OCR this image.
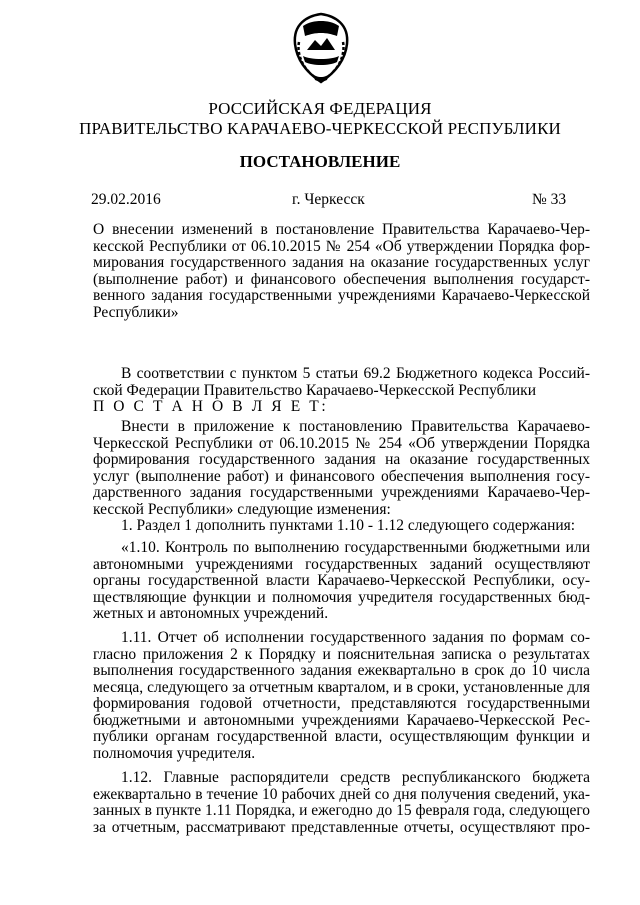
РОССИЙСКАЯ ФЕДЕРАЦИЯ
ПРАВИТЕЛЬСТВО КАРАЧАЕВО-ЧЕРКЕССКОЙ РЕСПУБЛИКИ
ПОСТАНОВЛЕНИЕ
29.02.2016	г. Черкесск	№ 33
О внесении изменений в постановление Правительства Карачаево-Чер-
кесской Республики от 06.10.2015 № 254 «Об утверждении Порядка фор-
мирования государственного задания на оказание государственных услуг
(выполнение работ) и финансового обеспечения выполнения государст-
венного задания государственными учреждениями Карачаево-Черкесской
Республики»
В соответствии с пунктом 5 статьи 69.2 Бюджетного кодекса Россий-
ской Федерации Правительство Карачаево-Черкесской Республики
П О С Т А Н О В Л Я Е Т:
Внести в приложение к постановлению Правительства Карачаево-
Черкесской Республики от 06.10.2015 № 254 «Об утверждении Порядка
формирования государственного задания на оказание государственных
услуг (выполнение работ) и финансового обеспечения выполнения госу-
дарственного задания государственными учреждениями Карачаево-Чер-
кесской Республики» следующие изменения:
1. Раздел 1 дополнить пунктами 1.10 - 1.12 следующего содержания:
«1.10. Контроль по выполнению государственными бюджетными или
автономными учреждениями государственных заданий осуществляют
органы государственной власти Карачаево-Черкесской Республики, осу-
ществляющие функции и полномочия учредителя государственных бюд-
жетных и автономных учреждений.
1.11. Отчет об исполнении государственного задания по формам со-
гласно приложения 2 к Порядку и пояснительная записка о результатах
выполнения государственного задания ежеквартально в срок до 10 числа
месяца, следующего за отчетным кварталом, и в сроки, установленные для
формирования годовой отчетности, представляются государственными
бюджетными и автономными учреждениями Карачаево-Черкесской Рес-
публики органам государственной власти, осуществляющим функции и
полномочия учредителя.
1.12. Главные распорядители средств республиканского бюджета
ежеквартально в течение 10 рабочих дней со дня получения сведений, ука-
занных в пункте 1.11 Порядка, и ежегодно до 15 февраля года, следующего
за отчетным, рассматривают представленные отчеты, осуществляют про-
